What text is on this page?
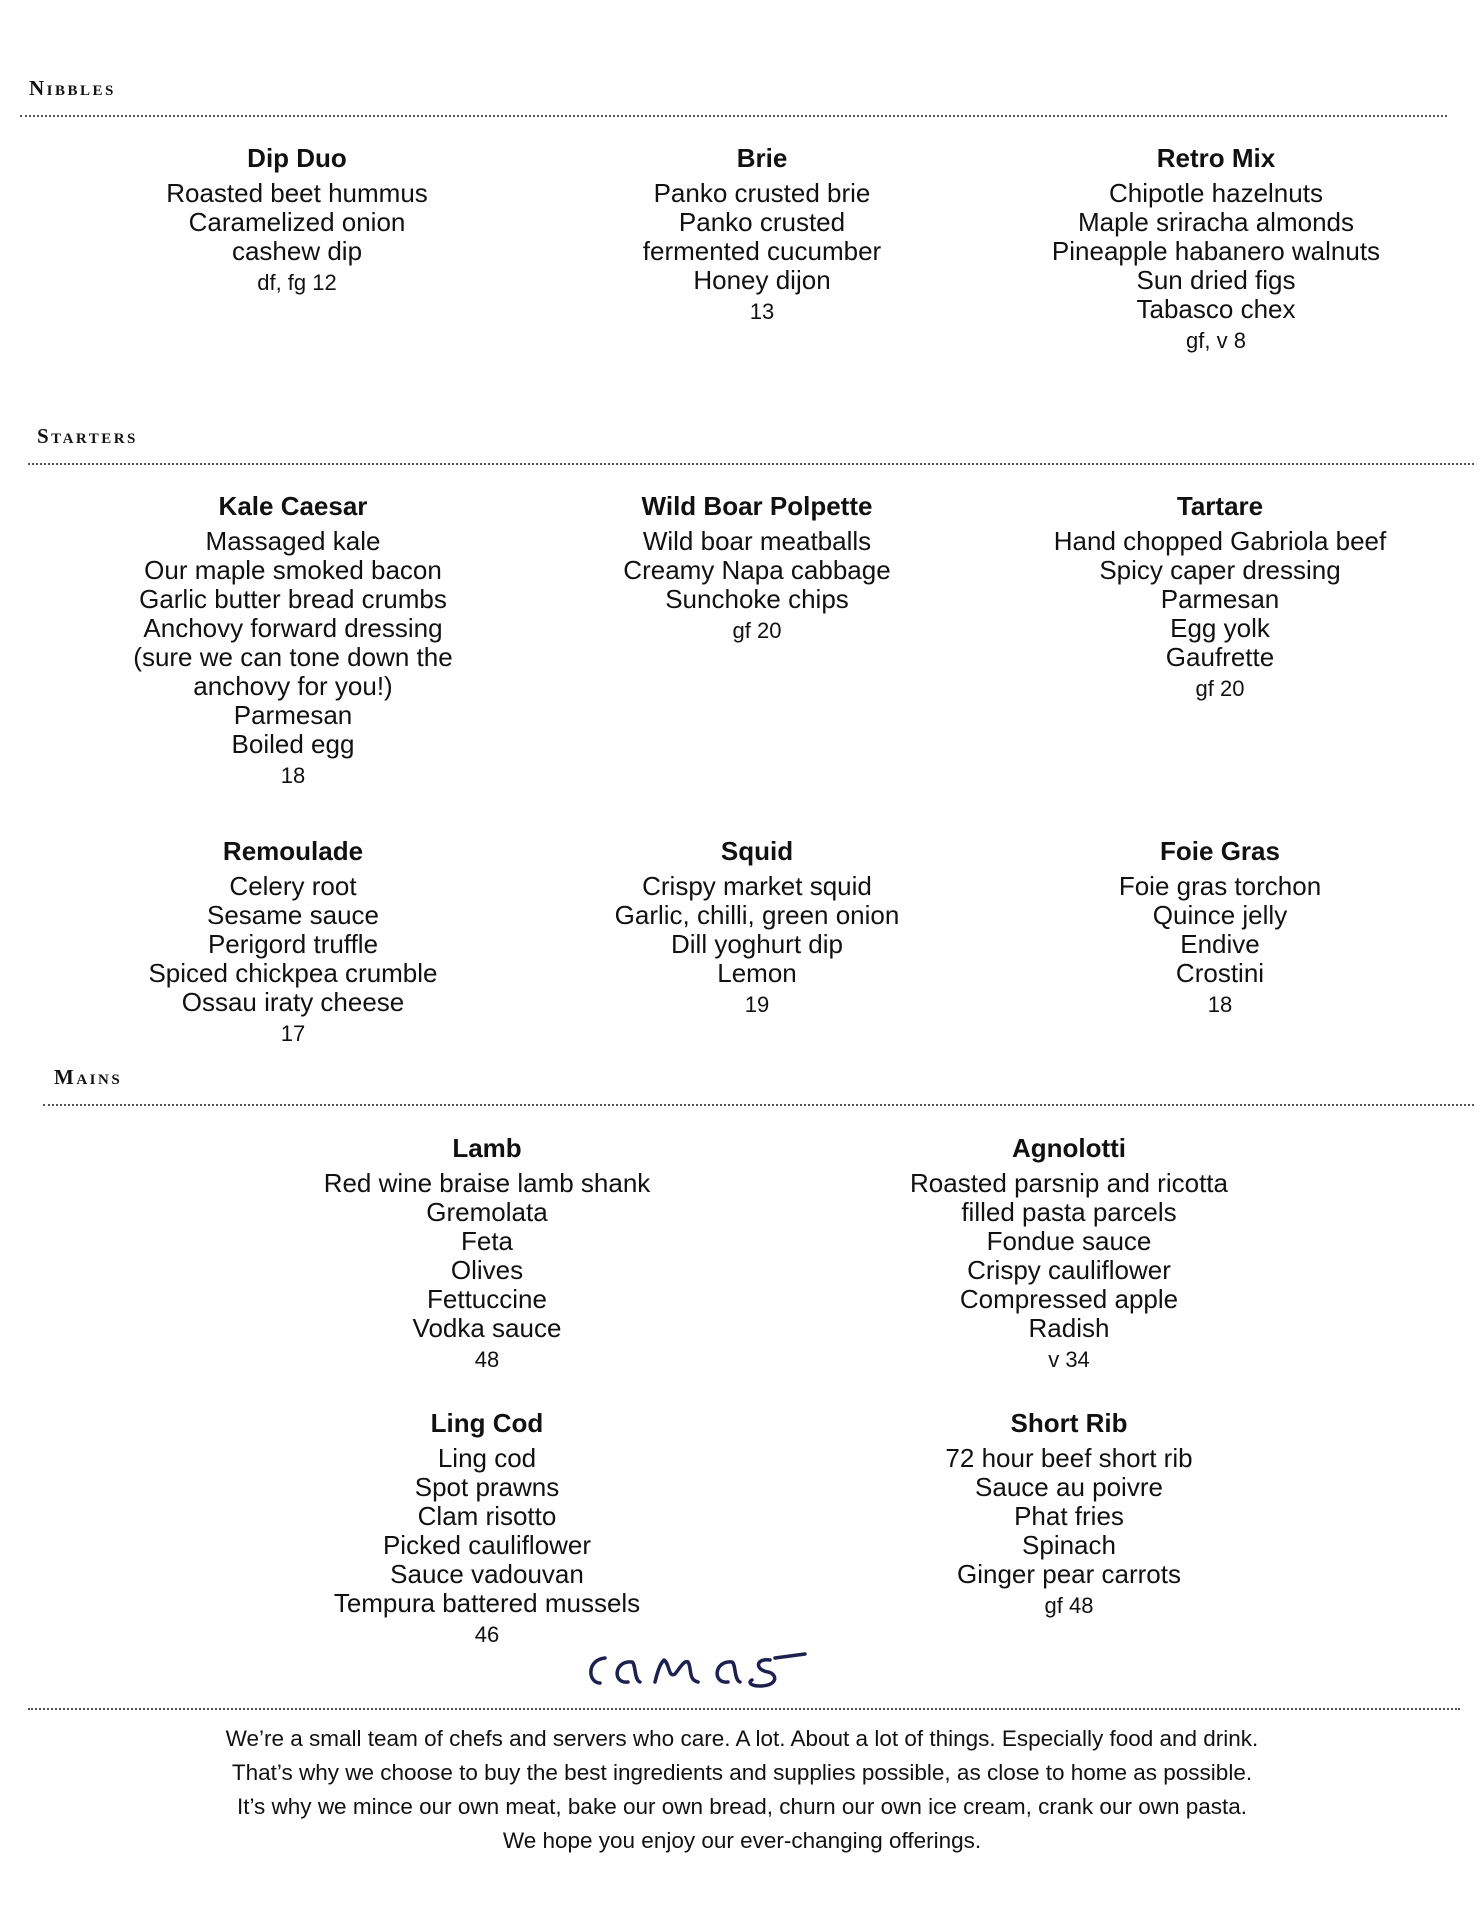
Nibbles
Dip Duo
Roasted beet hummus
Caramelized onion
cashew dip
df, fg 12
Brie
Panko crusted brie
Panko crusted
fermented cucumber
Honey dijon
13
Retro Mix
Chipotle hazelnuts
Maple sriracha almonds
Pineapple habanero walnuts
Sun dried figs
Tabasco chex
gf, v 8
Starters
Kale Caesar
Massaged kale
Our maple smoked bacon
Garlic butter bread crumbs
Anchovy forward dressing
(sure we can tone down the
anchovy for you!)
Parmesan
Boiled egg
18
Wild Boar Polpette
Wild boar meatballs
Creamy Napa cabbage
Sunchoke chips
gf 20
Tartare
Hand chopped Gabriola beef
Spicy caper dressing
Parmesan
Egg yolk
Gaufrette
gf 20
Remoulade
Celery root
Sesame sauce
Perigord truffle
Spiced chickpea crumble
Ossau iraty cheese
17
Squid
Crispy market squid
Garlic, chilli, green onion
Dill yoghurt dip
Lemon
19
Foie Gras
Foie gras torchon
Quince jelly
Endive
Crostini
18
Mains
Lamb
Red wine braise lamb shank
Gremolata
Feta
Olives
Fettuccine
Vodka sauce
48
Agnolotti
Roasted parsnip and ricotta
filled pasta parcels
Fondue sauce
Crispy cauliflower
Compressed apple
Radish
v 34
Ling Cod
Ling cod
Spot prawns
Clam risotto
Picked cauliflower
Sauce vadouvan
Tempura battered mussels
46
Short Rib
72 hour beef short rib
Sauce au poivre
Phat fries
Spinach
Ginger pear carrots
gf 48
We’re a small team of chefs and servers who care. A lot. About a lot of things. Especially food and drink.
That’s why we choose to buy the best ingredients and supplies possible, as close to home as possible.
It’s why we mince our own meat, bake our own bread, churn our own ice cream, crank our own pasta.
We hope you enjoy our ever-changing offerings.
